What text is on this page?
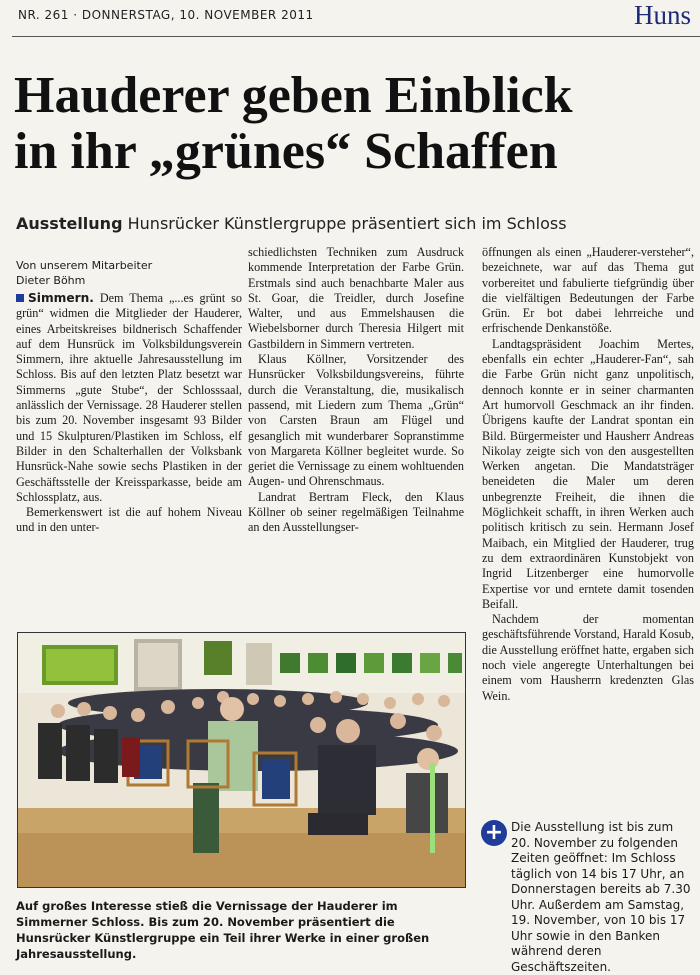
NR. 261 · DONNERSTAG, 10. NOVEMBER 2011	Huns
Hauderer geben Einblick
in ihr „grünes“ Schaffen
Ausstellung Hunsrücker Künstlergruppe präsentiert sich im Schloss
Von unserem Mitarbeiter
Dieter Böhm

Simmern. Dem Thema „...es grünt so grün“ widmen die Mitglieder der Hauderer, eines Arbeitskreises bildnerisch Schaffender auf dem Hunsrück im Volksbildungsverein Simmern, ihre aktuelle Jahresausstellung im Schloss. Bis auf den letzten Platz besetzt war Simmerns „gute Stube“, der Schlosssaal, anlässlich der Vernissage. 28 Hauderer stellen bis zum 20. November insgesamt 93 Bilder und 15 Skulpturen/Plastiken im Schloss, elf Bilder in den Schalterhallen der Volksbank Hunsrück-Nahe sowie sechs Plastiken in der Geschäftsstelle der Kreissparkasse, beide am Schlossplatz, aus.

Bemerkenswert ist die auf hohem Niveau und in den unter-

schiedlichsten Techniken zum Ausdruck kommende Interpretation der Farbe Grün. Erstmals sind auch benachbarte Maler aus St. Goar, die Treidler, durch Josefine Walter, und aus Emmelshausen die Wiebelsborner durch Theresia Hilgert mit Gastbildern in Simmern vertreten.

Klaus Köllner, Vorsitzender des Hunsrücker Volksbildungsvereins, führte durch die Veranstaltung, die, musikalisch passend, mit Liedern zum Thema „Grün“ von Carsten Braun am Flügel und gesanglich mit wunderbarer Sopranstimme von Margareta Köllner begleitet wurde. So geriet die Vernissage zu einem wohltuenden Augen- und Ohrenschmaus.

Landrat Bertram Fleck, den Klaus Köllner ob seiner regelmäßigen Teilnahme an den Ausstellungser-

öffnungen als einen „Hauderer-versteher“, bezeichnete, war auf das Thema gut vorbereitet und fabulierte tiefgründig über die vielfältigen Bedeutungen der Farbe Grün. Er bot dabei lehrreiche und erfrischende Denkanstöße.

Landtagspräsident Joachim Mertes, ebenfalls ein echter „Hauderer-Fan“, sah die Farbe Grün nicht ganz unpolitisch, dennoch konnte er in seiner charmanten Art humorvoll Geschmack an ihr finden. Übrigens kaufte der Landrat spontan ein Bild. Bürgermeister und Hausherr Andreas Nikolay zeigte sich von den ausgestellten Werken angetan. Die Mandatsträger beneideten die Maler um deren unbegrenzte Freiheit, die ihnen die Möglichkeit schafft, in ihren Werken auch politisch kritisch zu sein. Hermann Josef Maibach, ein Mitglied der Hauderer, trug zu dem extraordinären Kunstobjekt von Ingrid Litzenberger eine humorvolle Expertise vor und erntete damit tosenden Beifall.

Nachdem der momentan geschäftsführende Vorstand, Harald Kosub, die Ausstellung eröffnet hatte, ergaben sich noch viele angeregte Unterhaltungen bei einem vom Hausherrn kredenzten Glas Wein.

Auf großes Interesse stieß die Vernissage der Hauderer im Simmerner Schloss. Bis zum 20. November präsentiert die Hunsrücker Künstlergruppe ein Teil ihrer Werke in einer großen Jahresausstellung.
+ Die Ausstellung ist bis zum 20. November zu folgenden Zeiten geöffnet: Im Schloss täglich von 14 bis 17 Uhr, an Donnerstagen bereits ab 7.30 Uhr. Außerdem am Samstag, 19. November, von 10 bis 17 Uhr sowie in den Banken während deren Geschäftszeiten.
